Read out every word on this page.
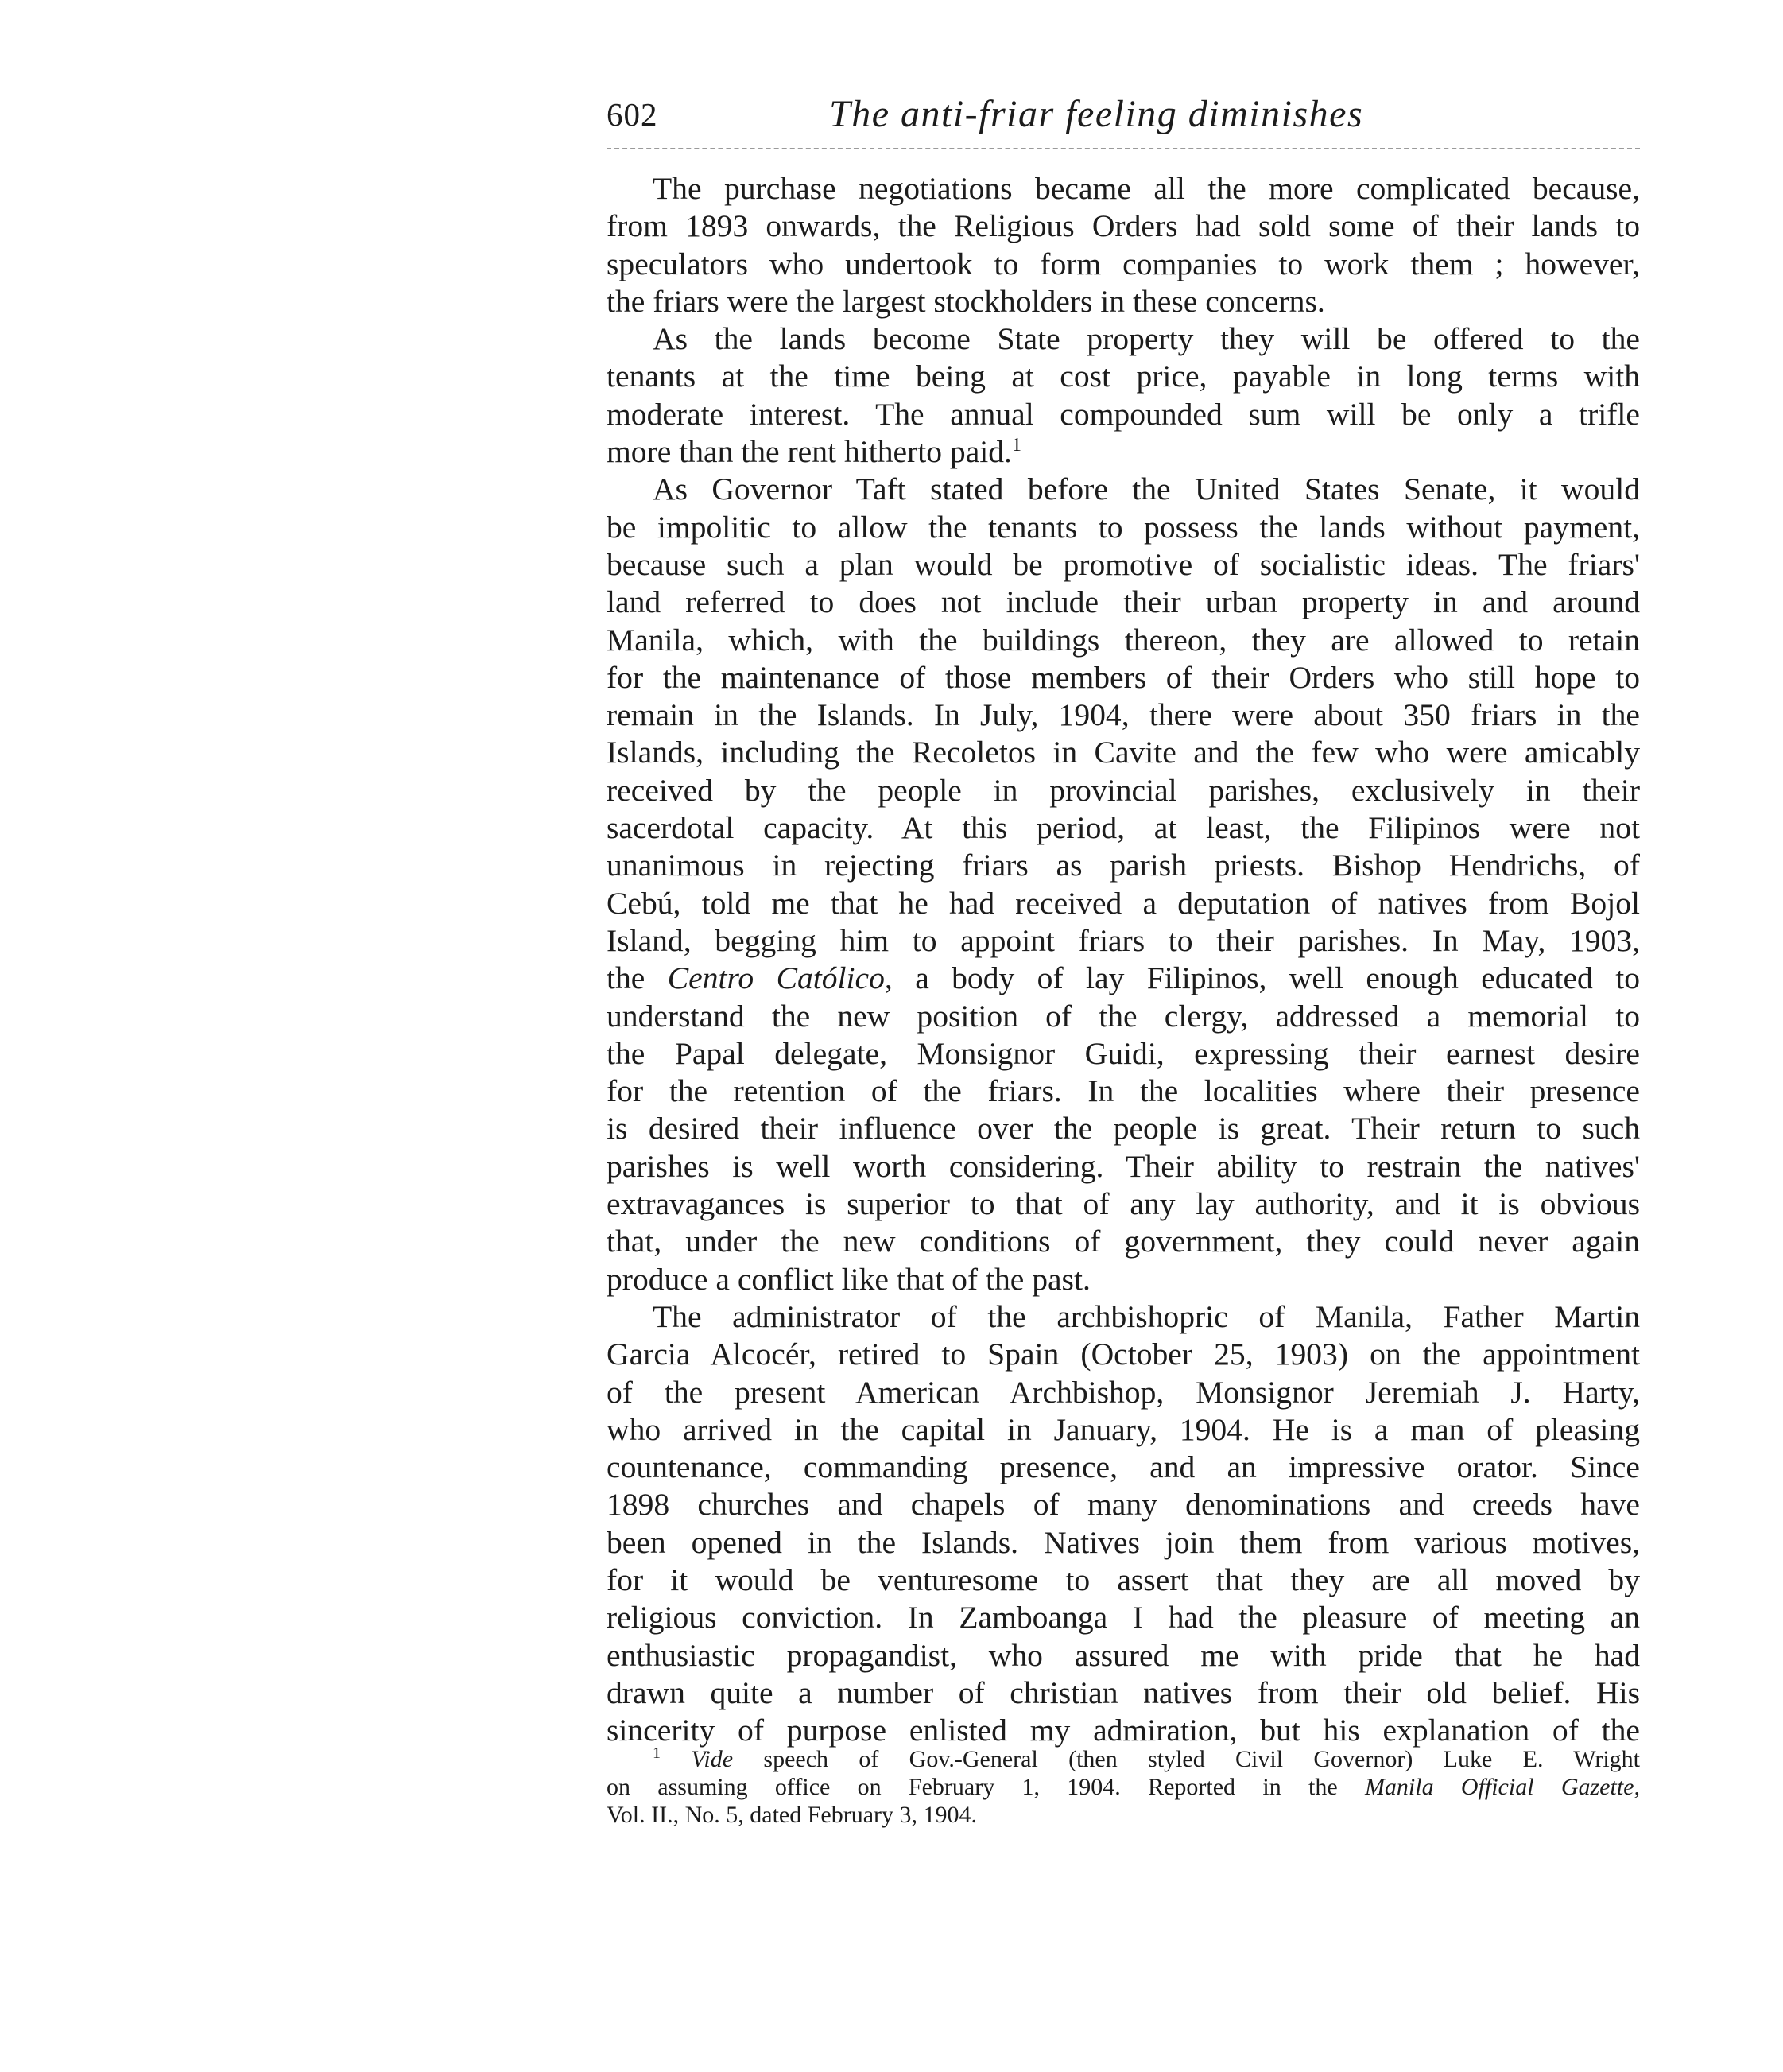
602	The anti-friar feeling diminishes
The purchase negotiations became all the more complicated because,
from 1893 onwards, the Religious Orders had sold some of their lands to
speculators who undertook to form companies to work them ; however,
the friars were the largest stockholders in these concerns.
As the lands become State property they will be offered to the
tenants at the time being at cost price, payable in long terms with
moderate interest. The annual compounded sum will be only a trifle
more than the rent hitherto paid.$^1$
As Governor Taft stated before the United States Senate, it would
be impolitic to allow the tenants to possess the lands without payment,
because such a plan would be promotive of socialistic ideas. The friars'
land referred to does not include their urban property in and around
Manila, which, with the buildings thereon, they are allowed to retain
for the maintenance of those members of their Orders who still hope to
remain in the Islands. In July, 1904, there were about 350 friars in the
Islands, including the Recoletos in Cavite and the few who were amicably
received by the people in provincial parishes, exclusively in their
sacerdotal capacity. At this period, at least, the Filipinos were not
unanimous in rejecting friars as parish priests. Bishop Hendrichs, of
Cebú, told me that he had received a deputation of natives from Bojol
Island, begging him to appoint friars to their parishes. In May, 1903,
the Centro Católico, a body of lay Filipinos, well enough educated to
understand the new position of the clergy, addressed a memorial to
the Papal delegate, Monsignor Guidi, expressing their earnest desire
for the retention of the friars. In the localities where their presence
is desired their influence over the people is great. Their return to such
parishes is well worth considering. Their ability to restrain the natives'
extravagances is superior to that of any lay authority, and it is obvious
that, under the new conditions of government, they could never again
produce a conflict like that of the past.
The administrator of the archbishopric of Manila, Father Martin
Garcia Alcocér, retired to Spain (October 25, 1903) on the appointment
of the present American Archbishop, Monsignor Jeremiah J. Harty,
who arrived in the capital in January, 1904. He is a man of pleasing
countenance, commanding presence, and an impressive orator. Since
1898 churches and chapels of many denominations and creeds have
been opened in the Islands. Natives join them from various motives,
for it would be venturesome to assert that they are all moved by
religious conviction. In Zamboanga I had the pleasure of meeting an
enthusiastic propagandist, who assured me with pride that he had
drawn quite a number of christian natives from their old belief. His
sincerity of purpose enlisted my admiration, but his explanation of the
$^1$ Vide speech of Gov.-General (then styled Civil Governor) Luke E. Wright
on assuming office on February 1, 1904. Reported in the Manila Official Gazette,
Vol. II., No. 5, dated February 3, 1904.
